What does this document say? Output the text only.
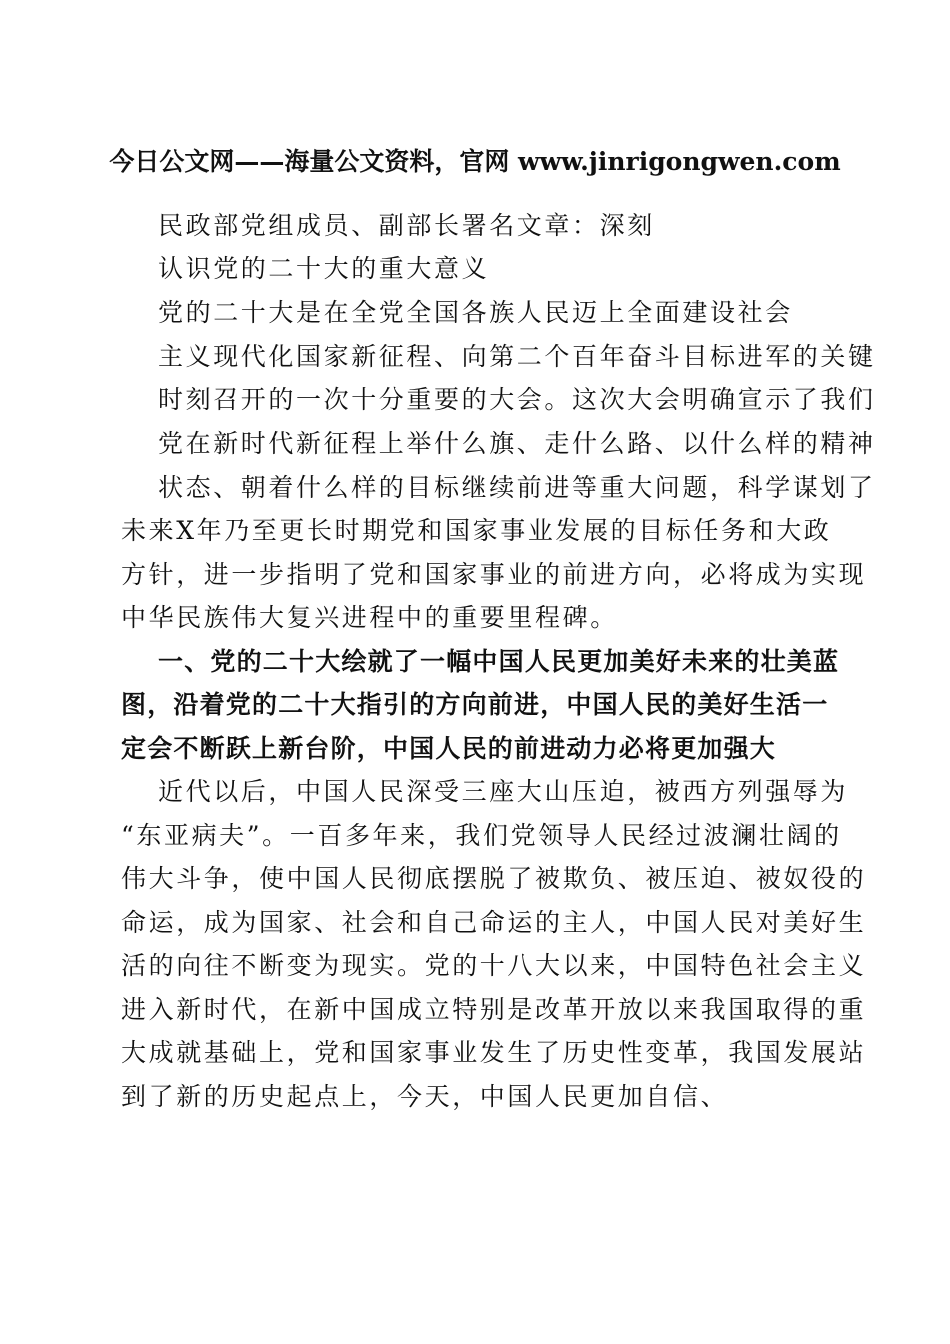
今日公文网——海量公文资料，官网 www.jinrigongwen.com
民政部党组成员、副部长署名文章：深刻
认识党的二十大的重大意义
党的二十大是在全党全国各族人民迈上全面建设社会
主义现代化国家新征程、向第二个百年奋斗目标进军的关键
时刻召开的一次十分重要的大会。这次大会明确宣示了我们
党在新时代新征程上举什么旗、走什么路、以什么样的精神
状态、朝着什么样的目标继续前进等重大问题，科学谋划了
未来X年乃至更长时期党和国家事业发展的目标任务和大政
方针，进一步指明了党和国家事业的前进方向，必将成为实现
中华民族伟大复兴进程中的重要里程碑。
一、党的二十大绘就了一幅中国人民更加美好未来的壮美蓝
图，沿着党的二十大指引的方向前进，中国人民的美好生活一
定会不断跃上新台阶，中国人民的前进动力必将更加强大
近代以后，中国人民深受三座大山压迫，被西方列强辱为
“东亚病夫”。一百多年来，我们党领导人民经过波澜壮阔的
伟大斗争，使中国人民彻底摆脱了被欺负、被压迫、被奴役的
命运，成为国家、社会和自己命运的主人，中国人民对美好生
活的向往不断变为现实。党的十八大以来，中国特色社会主义
进入新时代，在新中国成立特别是改革开放以来我国取得的重
大成就基础上，党和国家事业发生了历史性变革，我国发展站
到了新的历史起点上，今天，中国人民更加自信、
